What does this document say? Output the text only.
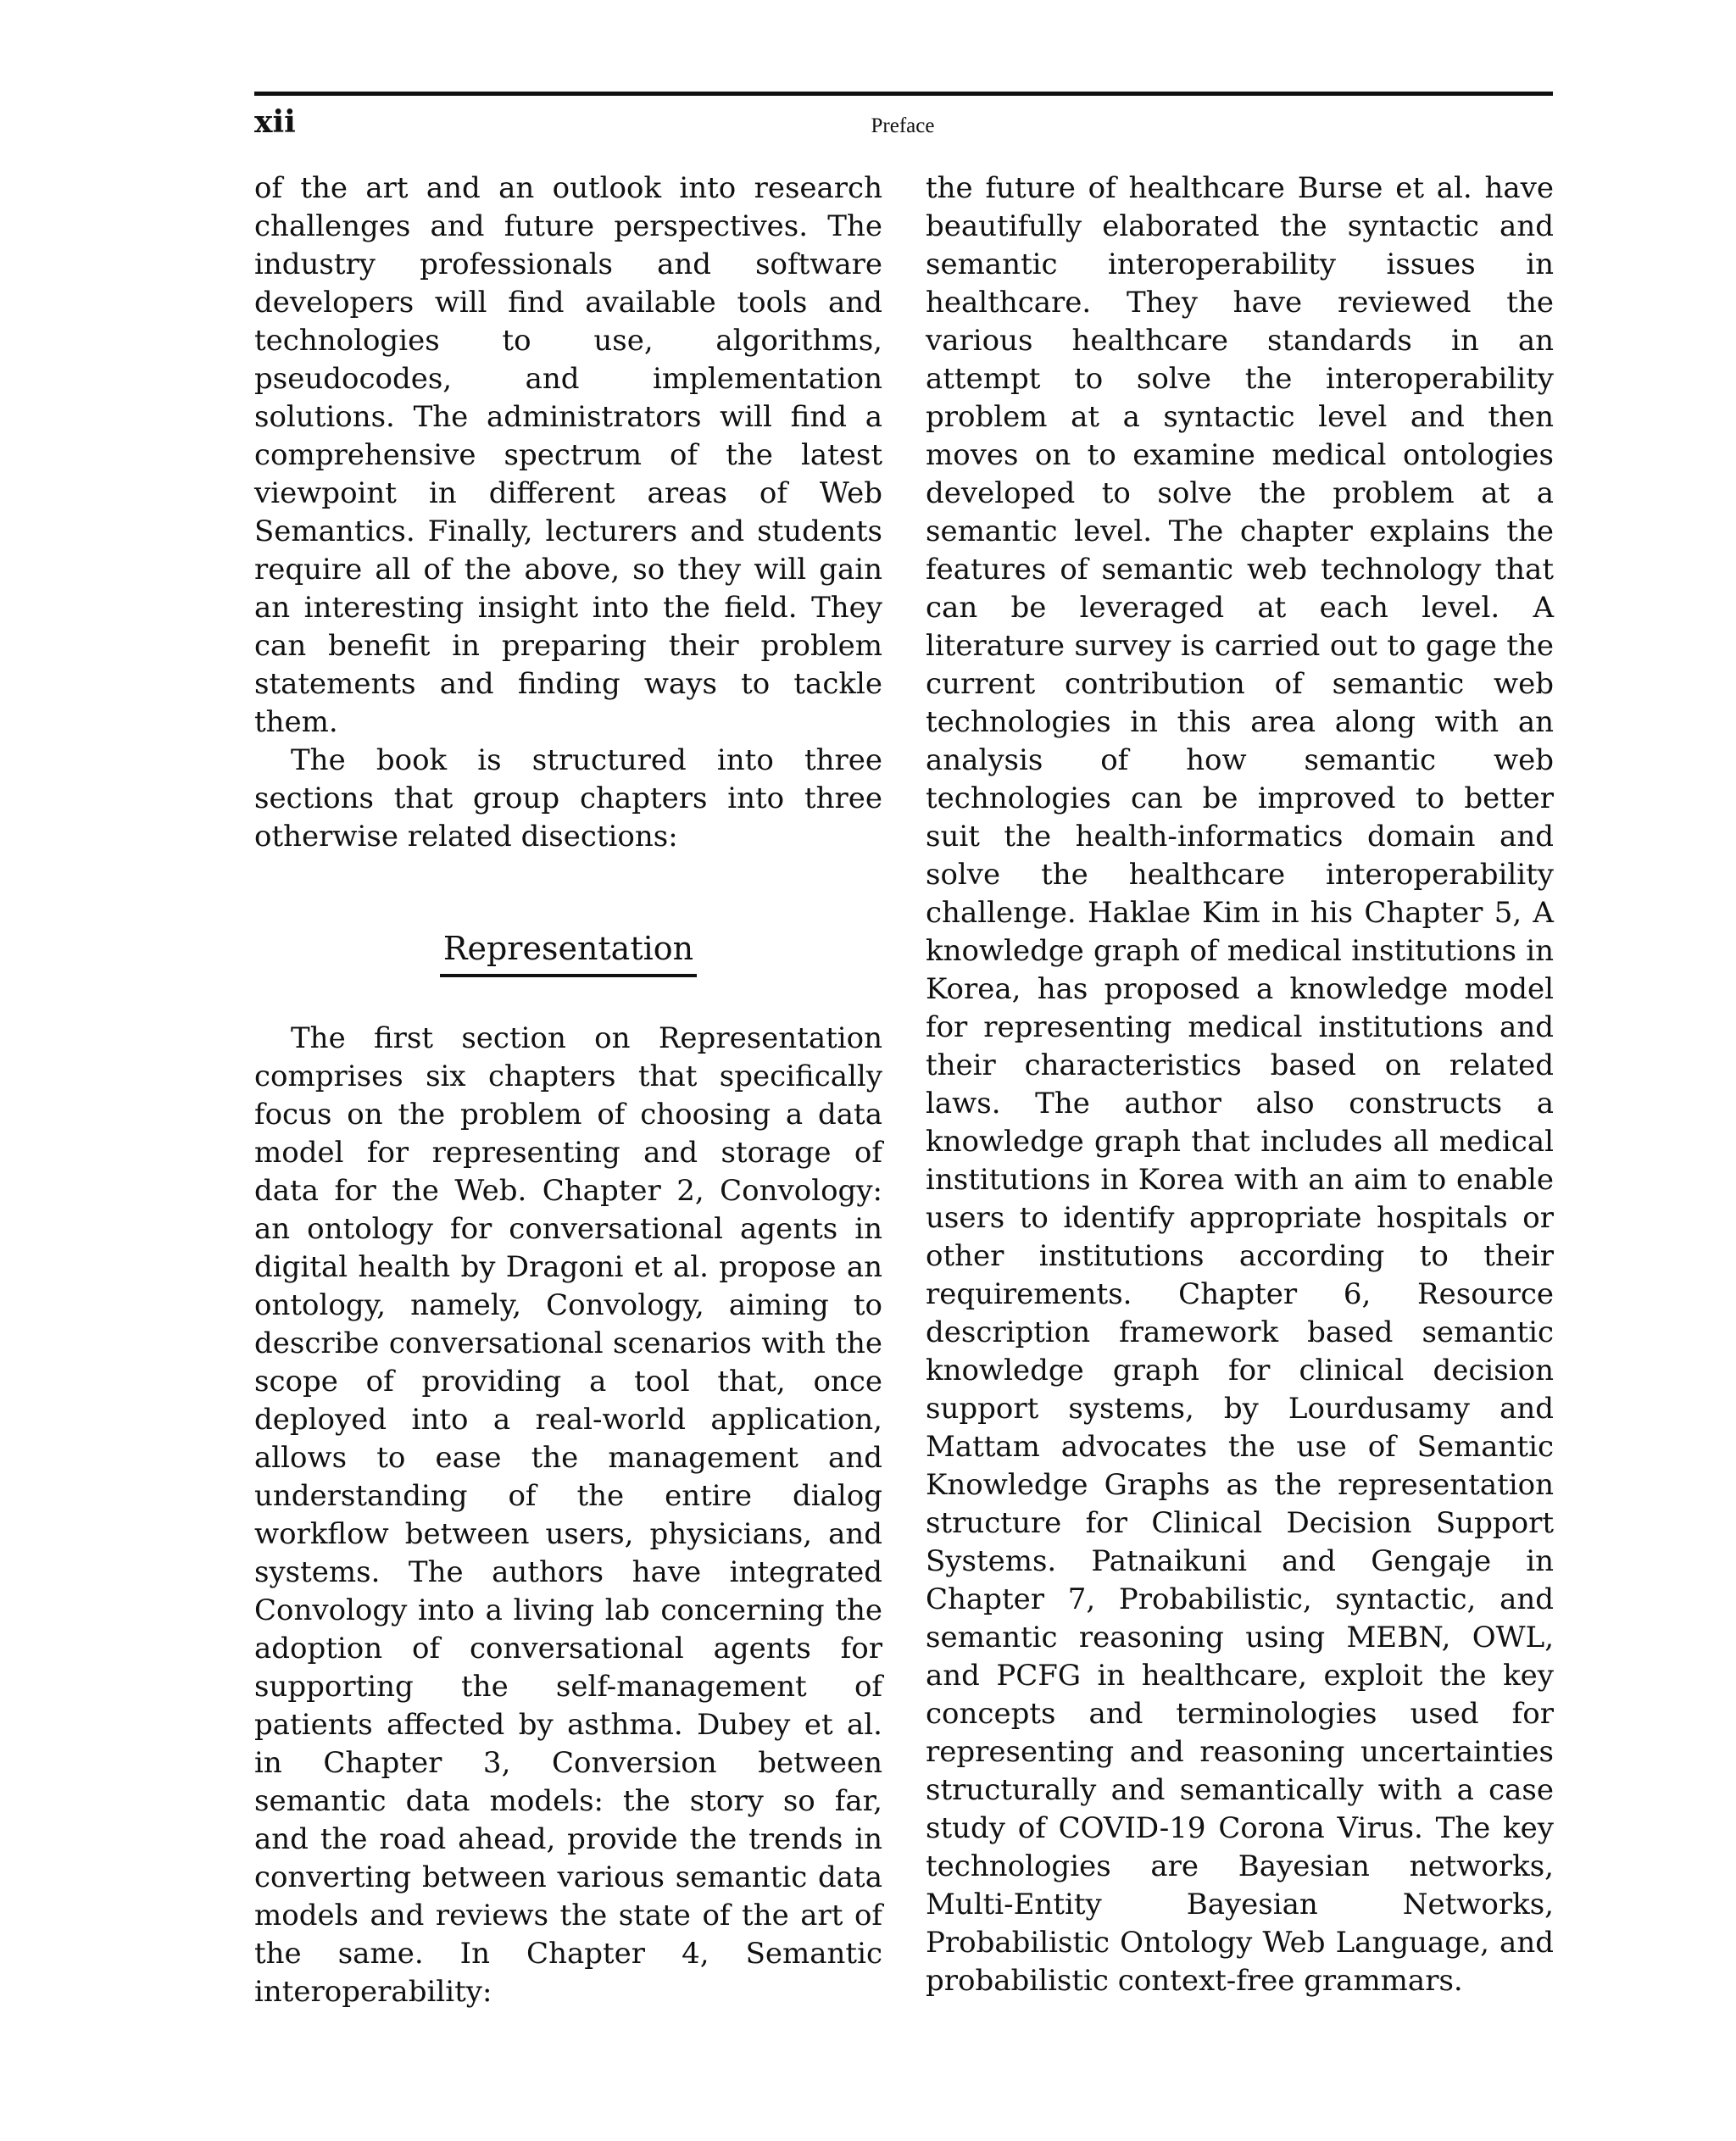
xii	Preface

of the art and an outlook into research challenges and future perspectives. The industry professionals and software developers will find available tools and technologies to use, algorithms, pseudocodes, and implementation solutions. The administrators will find a comprehensive spectrum of the latest viewpoint in different areas of Web Semantics. Finally, lecturers and students require all of the above, so they will gain an interesting insight into the field. They can benefit in preparing their problem statements and finding ways to tackle them.

The book is structured into three sections that group chapters into three otherwise related disections:

Representation

The first section on Representation comprises six chapters that specifically focus on the problem of choosing a data model for representing and storage of data for the Web. Chapter 2, Convology: an ontology for conversational agents in digital health by Dragoni et al. propose an ontology, namely, Convology, aiming to describe conversational scenarios with the scope of providing a tool that, once deployed into a real-world application, allows to ease the management and understanding of the entire dialog workflow between users, physicians, and systems. The authors have integrated Convology into a living lab concerning the adoption of conversational agents for supporting the self-management of patients affected by asthma. Dubey et al. in Chapter 3, Conversion between semantic data models: the story so far, and the road ahead, provide the trends in converting between various semantic data models and reviews the state of the art of the same. In Chapter 4, Semantic interoperability:

the future of healthcare Burse et al. have beautifully elaborated the syntactic and semantic interoperability issues in healthcare. They have reviewed the various healthcare standards in an attempt to solve the interoperability problem at a syntactic level and then moves on to examine medical ontologies developed to solve the problem at a semantic level. The chapter explains the features of semantic web technology that can be leveraged at each level. A literature survey is carried out to gage the current contribution of semantic web technologies in this area along with an analysis of how semantic web technologies can be improved to better suit the health-informatics domain and solve the healthcare interoperability challenge. Haklae Kim in his Chapter 5, A knowledge graph of medical institutions in Korea, has proposed a knowledge model for representing medical institutions and their characteristics based on related laws. The author also constructs a knowledge graph that includes all medical institutions in Korea with an aim to enable users to identify appropriate hospitals or other institutions according to their requirements. Chapter 6, Resource description framework based semantic knowledge graph for clinical decision support systems, by Lourdusamy and Mattam advocates the use of Semantic Knowledge Graphs as the representation structure for Clinical Decision Support Systems. Patnaikuni and Gengaje in Chapter 7, Probabilistic, syntactic, and semantic reasoning using MEBN, OWL, and PCFG in healthcare, exploit the key concepts and terminologies used for representing and reasoning uncertainties structurally and semantically with a case study of COVID-19 Corona Virus. The key technologies are Bayesian networks, Multi-Entity Bayesian Networks, Probabilistic Ontology Web Language, and probabilistic context-free grammars.
